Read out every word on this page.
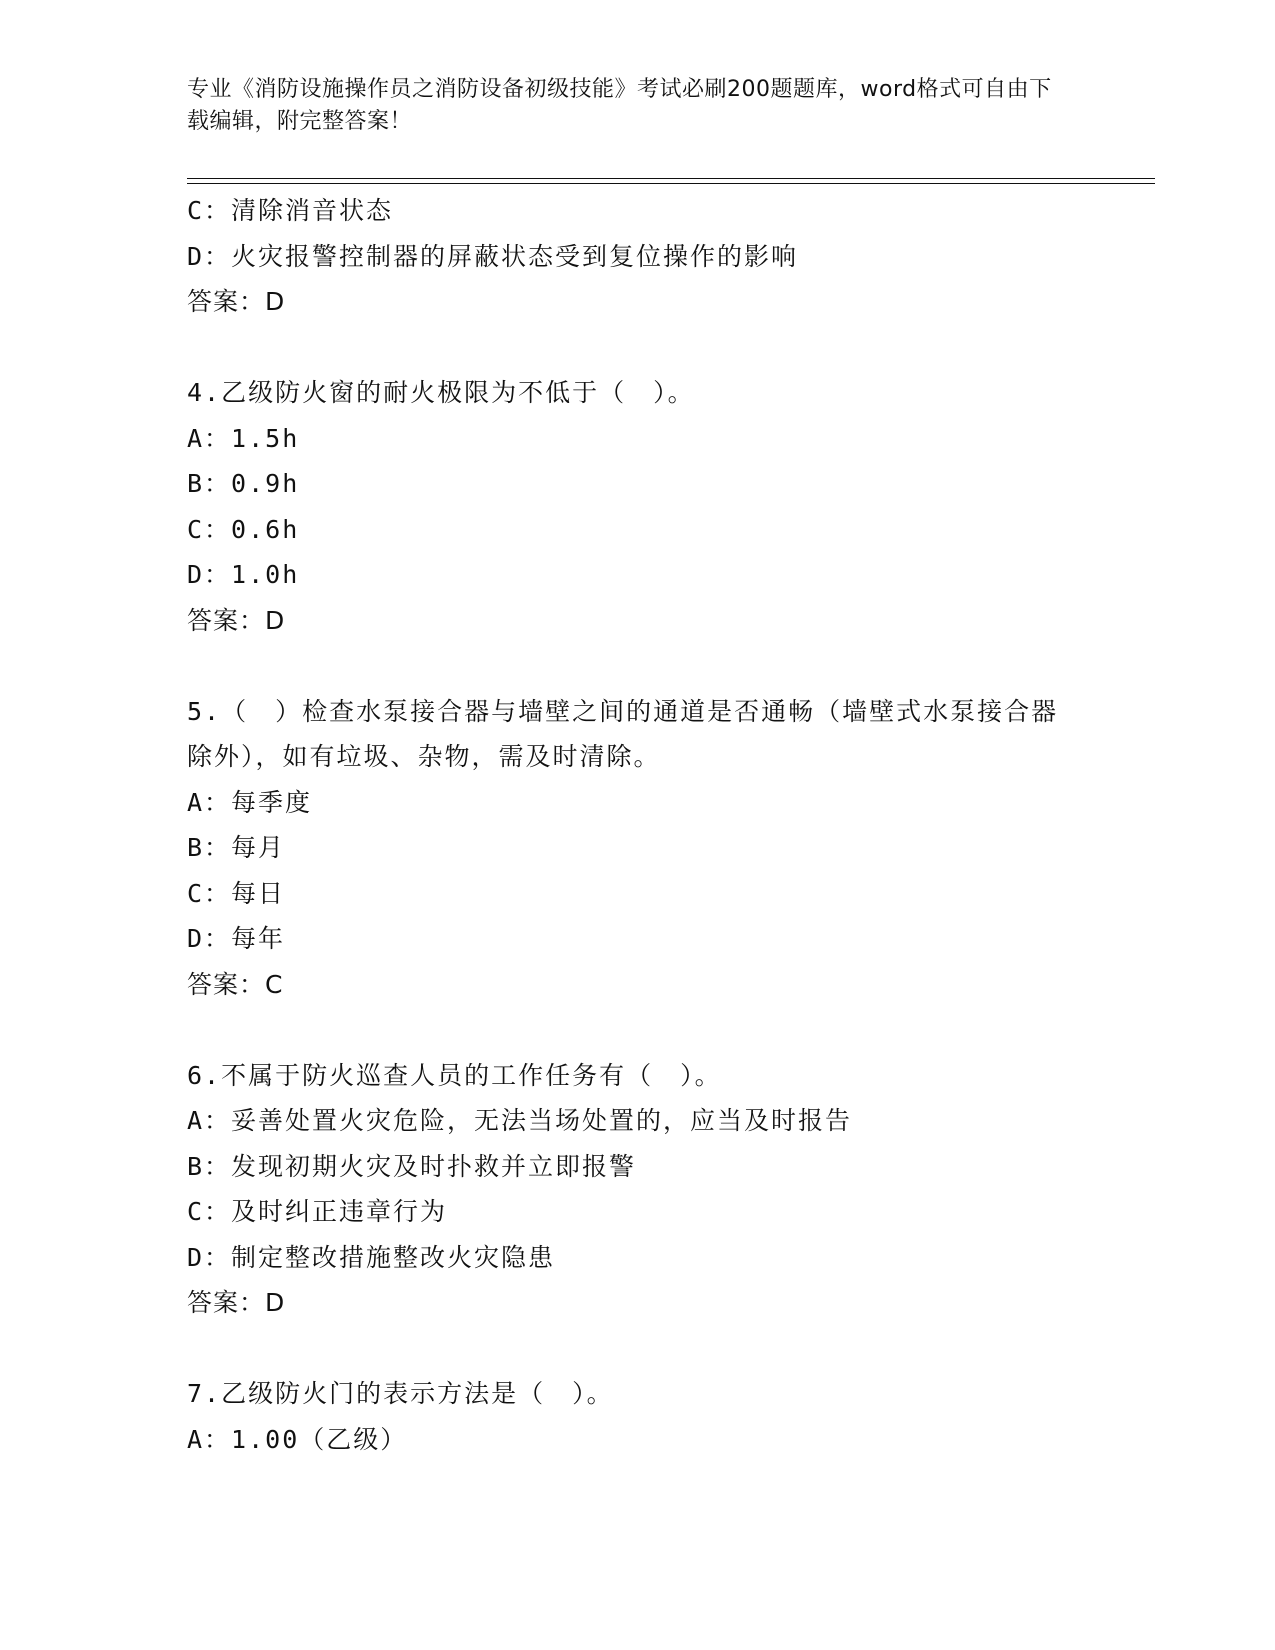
专业《消防设施操作员之消防设备初级技能》考试必刷200题题库，word格式可自由下载编辑，附完整答案！
C：清除消音状态
D：火灾报警控制器的屏蔽状态受到复位操作的影响
答案：D
4.乙级防火窗的耐火极限为不低于（　）。
A：1.5h
B：0.9h
C：0.6h
D：1.0h
答案：D
5.（　）检查水泵接合器与墙壁之间的通道是否通畅（墙壁式水泵接合器除外），如有垃圾、杂物，需及时清除。
A：每季度
B：每月
C：每日
D：每年
答案：C
6.不属于防火巡查人员的工作任务有（　）。
A：妥善处置火灾危险，无法当场处置的，应当及时报告
B：发现初期火灾及时扑救并立即报警
C：及时纠正违章行为
D：制定整改措施整改火灾隐患
答案：D
7.乙级防火门的表示方法是（　）。
A：1.00（乙级）
